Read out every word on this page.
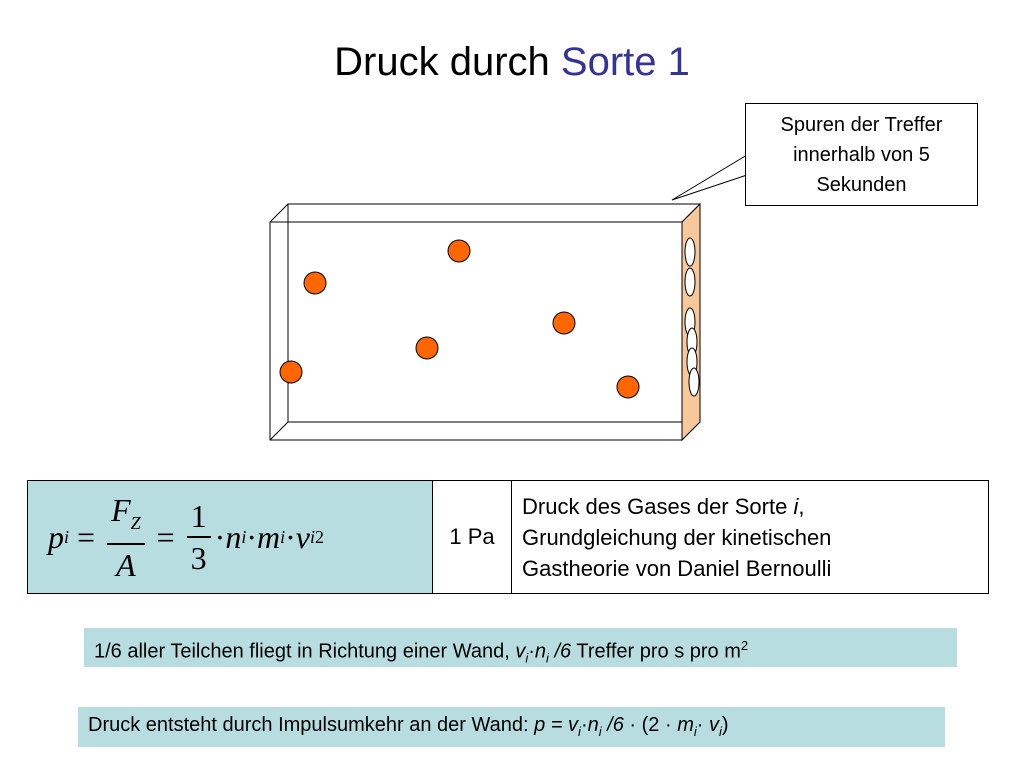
Druck durch Sorte 1
Spuren der Treffer
innerhalb von 5
Sekunden
p $i = \frac{F_Z}{A} = \frac{1}{3} \cdot n$ i · m i · v i 2	1 Pa	
Druck des Gases der Sorte i,
Grundgleichung der kinetischen
Gastheorie von Daniel Bernoulli
1/6 aller Teilchen fliegt in Richtung einer Wand, $v_i\cdot n_i$ /6 Treffer pro s pro $m^2$
Druck entsteht durch Impulsumkehr an der Wand: $p = v_i\cdot n_i$ $/6 \cdot (2 \cdot m_i\cdot v_i)$
